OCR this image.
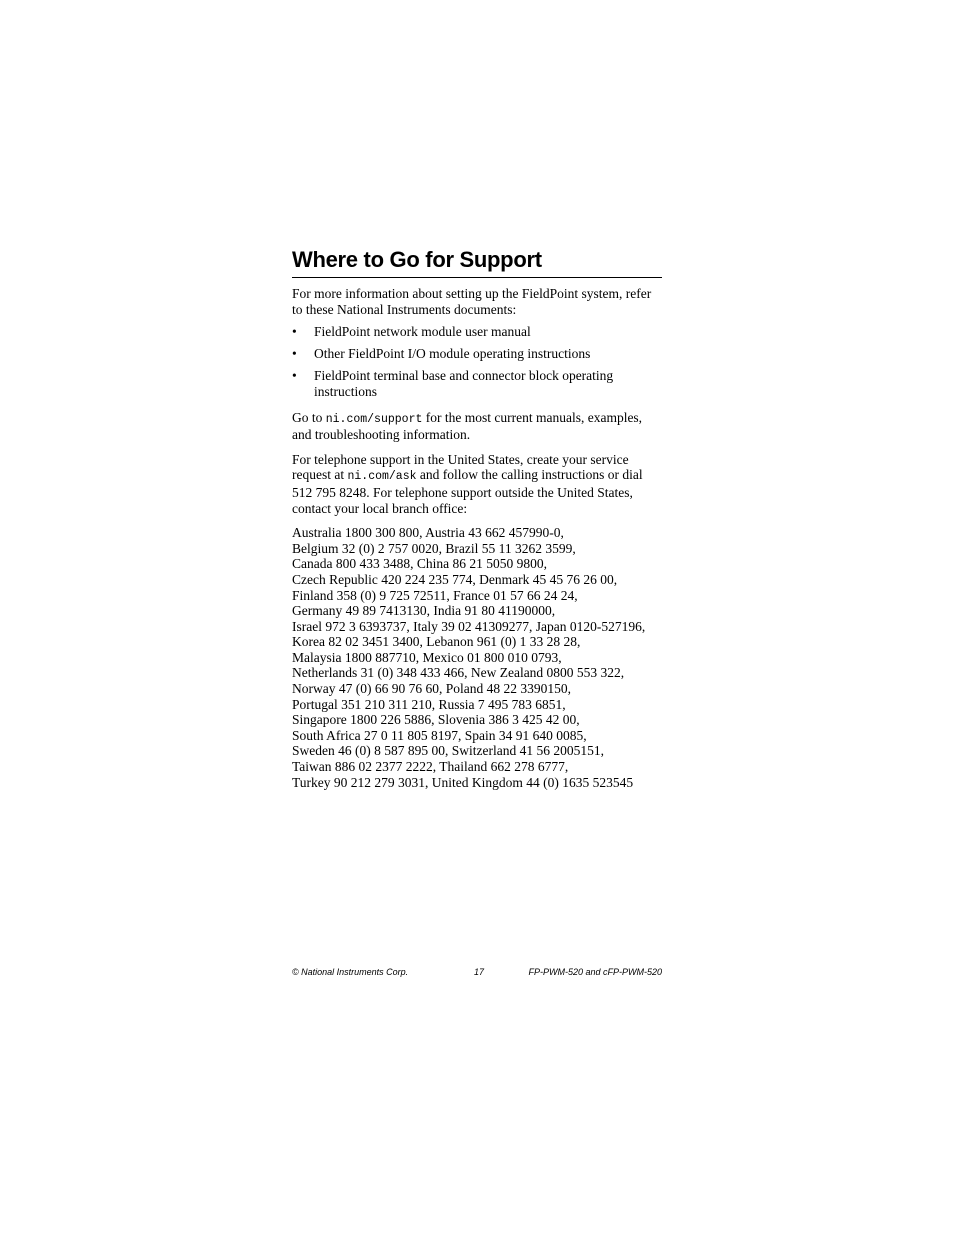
Where to Go for Support

For more information about setting up the FieldPoint system, refer to these National Instruments documents:

• FieldPoint network module user manual
• Other FieldPoint I/O module operating instructions
• FieldPoint terminal base and connector block operating instructions

Go to ni.com/support for the most current manuals, examples, and troubleshooting information.

For telephone support in the United States, create your service request at ni.com/ask and follow the calling instructions or dial 512 795 8248. For telephone support outside the United States, contact your local branch office:

Australia 1800 300 800, Austria 43 662 457990-0,
Belgium 32 (0) 2 757 0020, Brazil 55 11 3262 3599,
Canada 800 433 3488, China 86 21 5050 9800,
Czech Republic 420 224 235 774, Denmark 45 45 76 26 00,
Finland 358 (0) 9 725 72511, France 01 57 66 24 24,
Germany 49 89 7413130, India 91 80 41190000,
Israel 972 3 6393737, Italy 39 02 41309277, Japan 0120-527196,
Korea 82 02 3451 3400, Lebanon 961 (0) 1 33 28 28,
Malaysia 1800 887710, Mexico 01 800 010 0793,
Netherlands 31 (0) 348 433 466, New Zealand 0800 553 322,
Norway 47 (0) 66 90 76 60, Poland 48 22 3390150,
Portugal 351 210 311 210, Russia 7 495 783 6851,
Singapore 1800 226 5886, Slovenia 386 3 425 42 00,
South Africa 27 0 11 805 8197, Spain 34 91 640 0085,
Sweden 46 (0) 8 587 895 00, Switzerland 41 56 2005151,
Taiwan 886 02 2377 2222, Thailand 662 278 6777,
Turkey 90 212 279 3031, United Kingdom 44 (0) 1635 523545

© National Instruments Corp.	17	FP-PWM-520 and cFP-PWM-520
